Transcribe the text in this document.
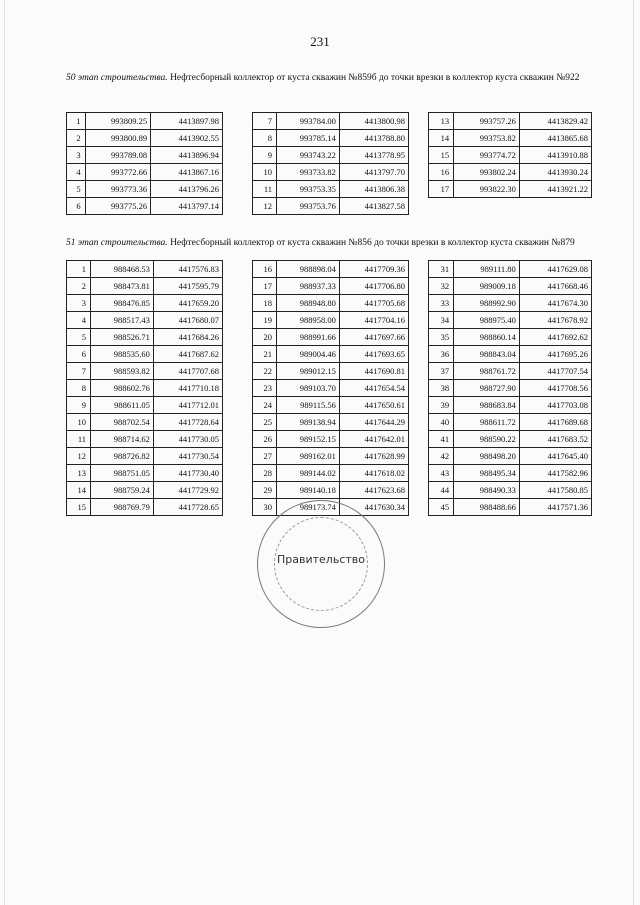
231
50 этап строительства. Нефтесборный коллектор от куста скважин №859б до точки врезки в коллектор куста скважин №922
1	993809.25	4413897.98
2	993800.89	4413902.55
3	993789.08	4413896.94
4	993772.66	4413867.16
5	993773.36	4413796.26
6	993775.26	4413797.14
7	993784.00	4413800.98
8	993785.14	4413788.80
9	993743.22	4413778.95
10	993733.82	4413797.70
11	993753.35	4413806.38
12	993753.76	4413827.58
13	993757.26	4413829.42
14	993753.82	4413865.68
15	993774.72	4413910.88
16	993802.24	4413930.24
17	993822.30	4413921.22
51 этап строительства. Нефтесборный коллектор от куста скважин №856 до точки врезки в коллектор куста скважин №879
1	988468.53	4417576.83
2	988473.81	4417595.79
3	988476.85	4417659.20
4	988517.43	4417680.07
5	988526.71	4417684.26
6	988535.60	4417687.62
7	988593.82	4417707.68
8	988602.76	4417710.18
9	988611.05	4417712.01
10	988702.54	4417728.64
11	988714.62	4417730.05
12	988726.82	4417730.54
13	988751.05	4417730.40
14	988759.24	4417729.92
15	988769.79	4417728.65
16	988898.04	4417709.36
17	988937.33	4417706.80
18	988948.80	4417705.68
19	988958.00	4417704.16
20	988991.66	4417697.66
21	989004.46	4417693.65
22	989012.15	4417690.81
23	989103.70	4417654.54
24	989115.56	4417650.61
25	989138.94	4417644.29
26	989152.15	4417642.01
27	989162.01	4417628.99
28	989144.02	4417618.02
29	989140.18	4417623.68
30	989173.74	4417630.34
31	989111.80	4417629.08
32	989009.18	4417668.46
33	988992.90	4417674.30
34	988975.40	4417678.92
35	988860.14	4417692.62
36	988843.04	4417695.26
37	988761.72	4417707.54
38	988727.90	4417708.56
39	988683.84	4417703.08
40	988611.72	4417689.68
41	988590.22	4417683.52
42	988498.20	4417645.40
43	988495.34	4417582.96
44	988490.33	4417580.85
45	988488.66	4417571.36
Правительство
